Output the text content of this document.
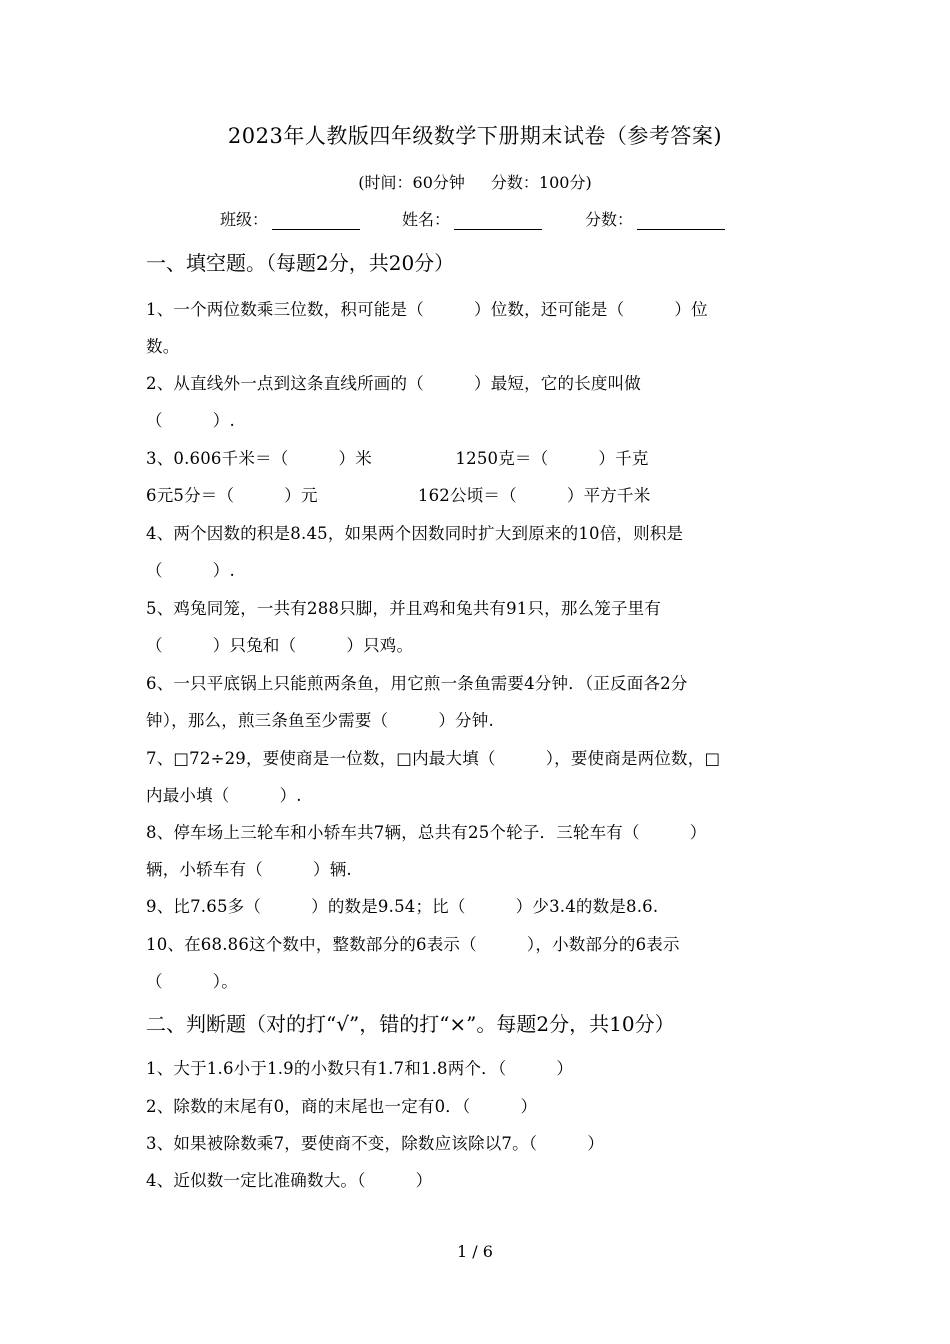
2023年人教版四年级数学下册期末试卷（参考答案)
(时间：60分钟 分数：100分)
班级：	姓名：	分数：
一、填空题。（每题2分，共20分）
1、一个两位数乘三位数，积可能是（　　　）位数，还可能是（　　　）位
数。
2、从直线外一点到这条直线所画的（　　　）最短，它的长度叫做
（　　　）.
3、0.606千米＝（　　　）米　　　　　1250克＝（　　　）千克
6元5分＝（　　　）元　　　　　　162公顷＝（　　　）平方千米
4、两个因数的积是8.45，如果两个因数同时扩大到原来的10倍，则积是
（　　　）.
5、鸡兔同笼，一共有288只脚，并且鸡和兔共有91只，那么笼子里有
（　　　）只兔和（　　　）只鸡。
6、一只平底锅上只能煎两条鱼，用它煎一条鱼需要4分钟．（正反面各2分
钟），那么，煎三条鱼至少需要（　　　）分钟.
7、□72÷29，要使商是一位数，□内最大填（　　　），要使商是两位数，□
内最小填（　　　）.
8、停车场上三轮车和小轿车共7辆，总共有25个轮子．三轮车有（　　　）
辆，小轿车有（　　　）辆.
9、比7.65多（　　　）的数是9.54；比（　　　）少3.4的数是8.6.
10、在68.86这个数中，整数部分的6表示（　　　），小数部分的6表示
（　　　）。
二、判断题（对的打“√”，错的打“×”。每题2分，共10分）
1、大于1.6小于1.9的小数只有1.7和1.8两个．（　　　）
2、除数的末尾有0，商的末尾也一定有0．（　　　）
3、如果被除数乘7，要使商不变，除数应该除以7。（　　　）
4、近似数一定比准确数大。（　　　）
1 / 6
